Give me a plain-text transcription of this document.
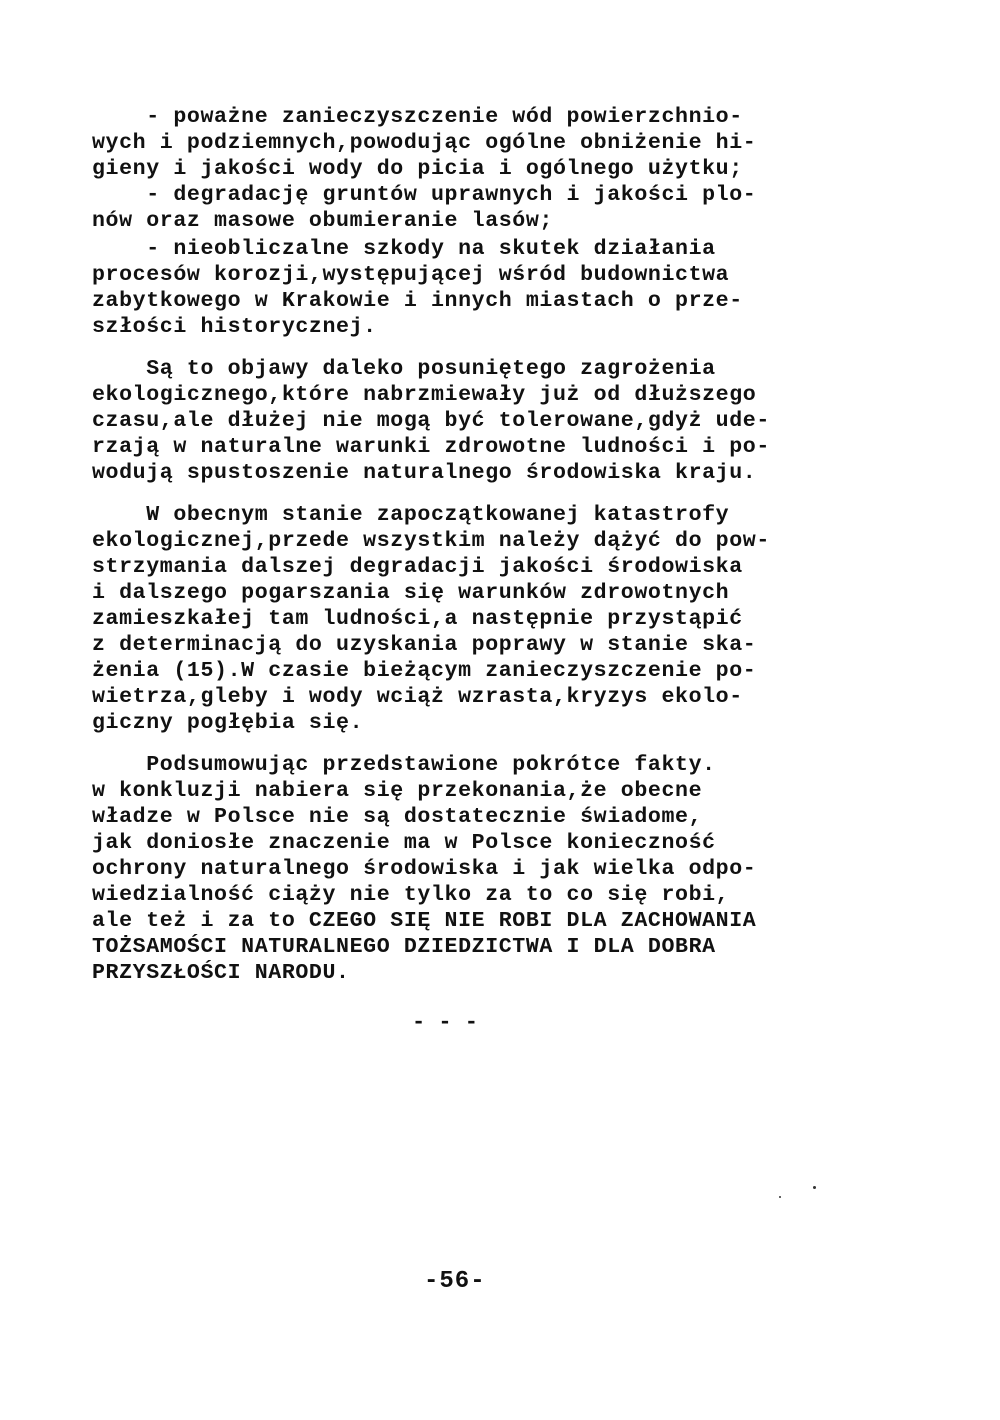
- poważne zanieczyszczenie wód powierzchnio-
wych i podziemnych,powodując ogólne obniżenie hi-
gieny i jakości wody do picia i ogólnego użytku;
- degradację gruntów uprawnych i jakości plo-
nów oraz masowe obumieranie lasów;
- nieobliczalne szkody na skutek działania
procesów korozji,występującej wśród budownictwa
zabytkowego w Krakowie i innych miastach o prze-
szłości historycznej.
Są to objawy daleko posuniętego zagrożenia
ekologicznego,które nabrzmiewały już od dłuższego
czasu,ale dłużej nie mogą być tolerowane,gdyż ude-
rzają w naturalne warunki zdrowotne ludności i po-
wodują spustoszenie naturalnego środowiska kraju.
W obecnym stanie zapoczątkowanej katastrofy
ekologicznej,przede wszystkim należy dążyć do pow-
strzymania dalszej degradacji jakości środowiska
i dalszego pogarszania się warunków zdrowotnych
zamieszkałej tam ludności,a następnie przystąpić
z determinacją do uzyskania poprawy w stanie ska-
żenia (15).W czasie bieżącym zanieczyszczenie po-
wietrza,gleby i wody wciąż wzrasta,kryzys ekolo-
giczny pogłębia się.
Podsumowując przedstawione pokrótce fakty.
w konkluzji nabiera się przekonania,że obecne
władze w Polsce nie są dostatecznie świadome,
jak doniosłe znaczenie ma w Polsce konieczność
ochrony naturalnego środowiska i jak wielka odpo-
wiedzialność ciąży nie tylko za to co się robi,
ale też i za to CZEGO SIĘ NIE ROBI DLA ZACHOWANIA
TOŻSAMOŚCI NATURALNEGO DZIEDZICTWA I DLA DOBRA
PRZYSZŁOŚCI NARODU.
- - -
-56-
